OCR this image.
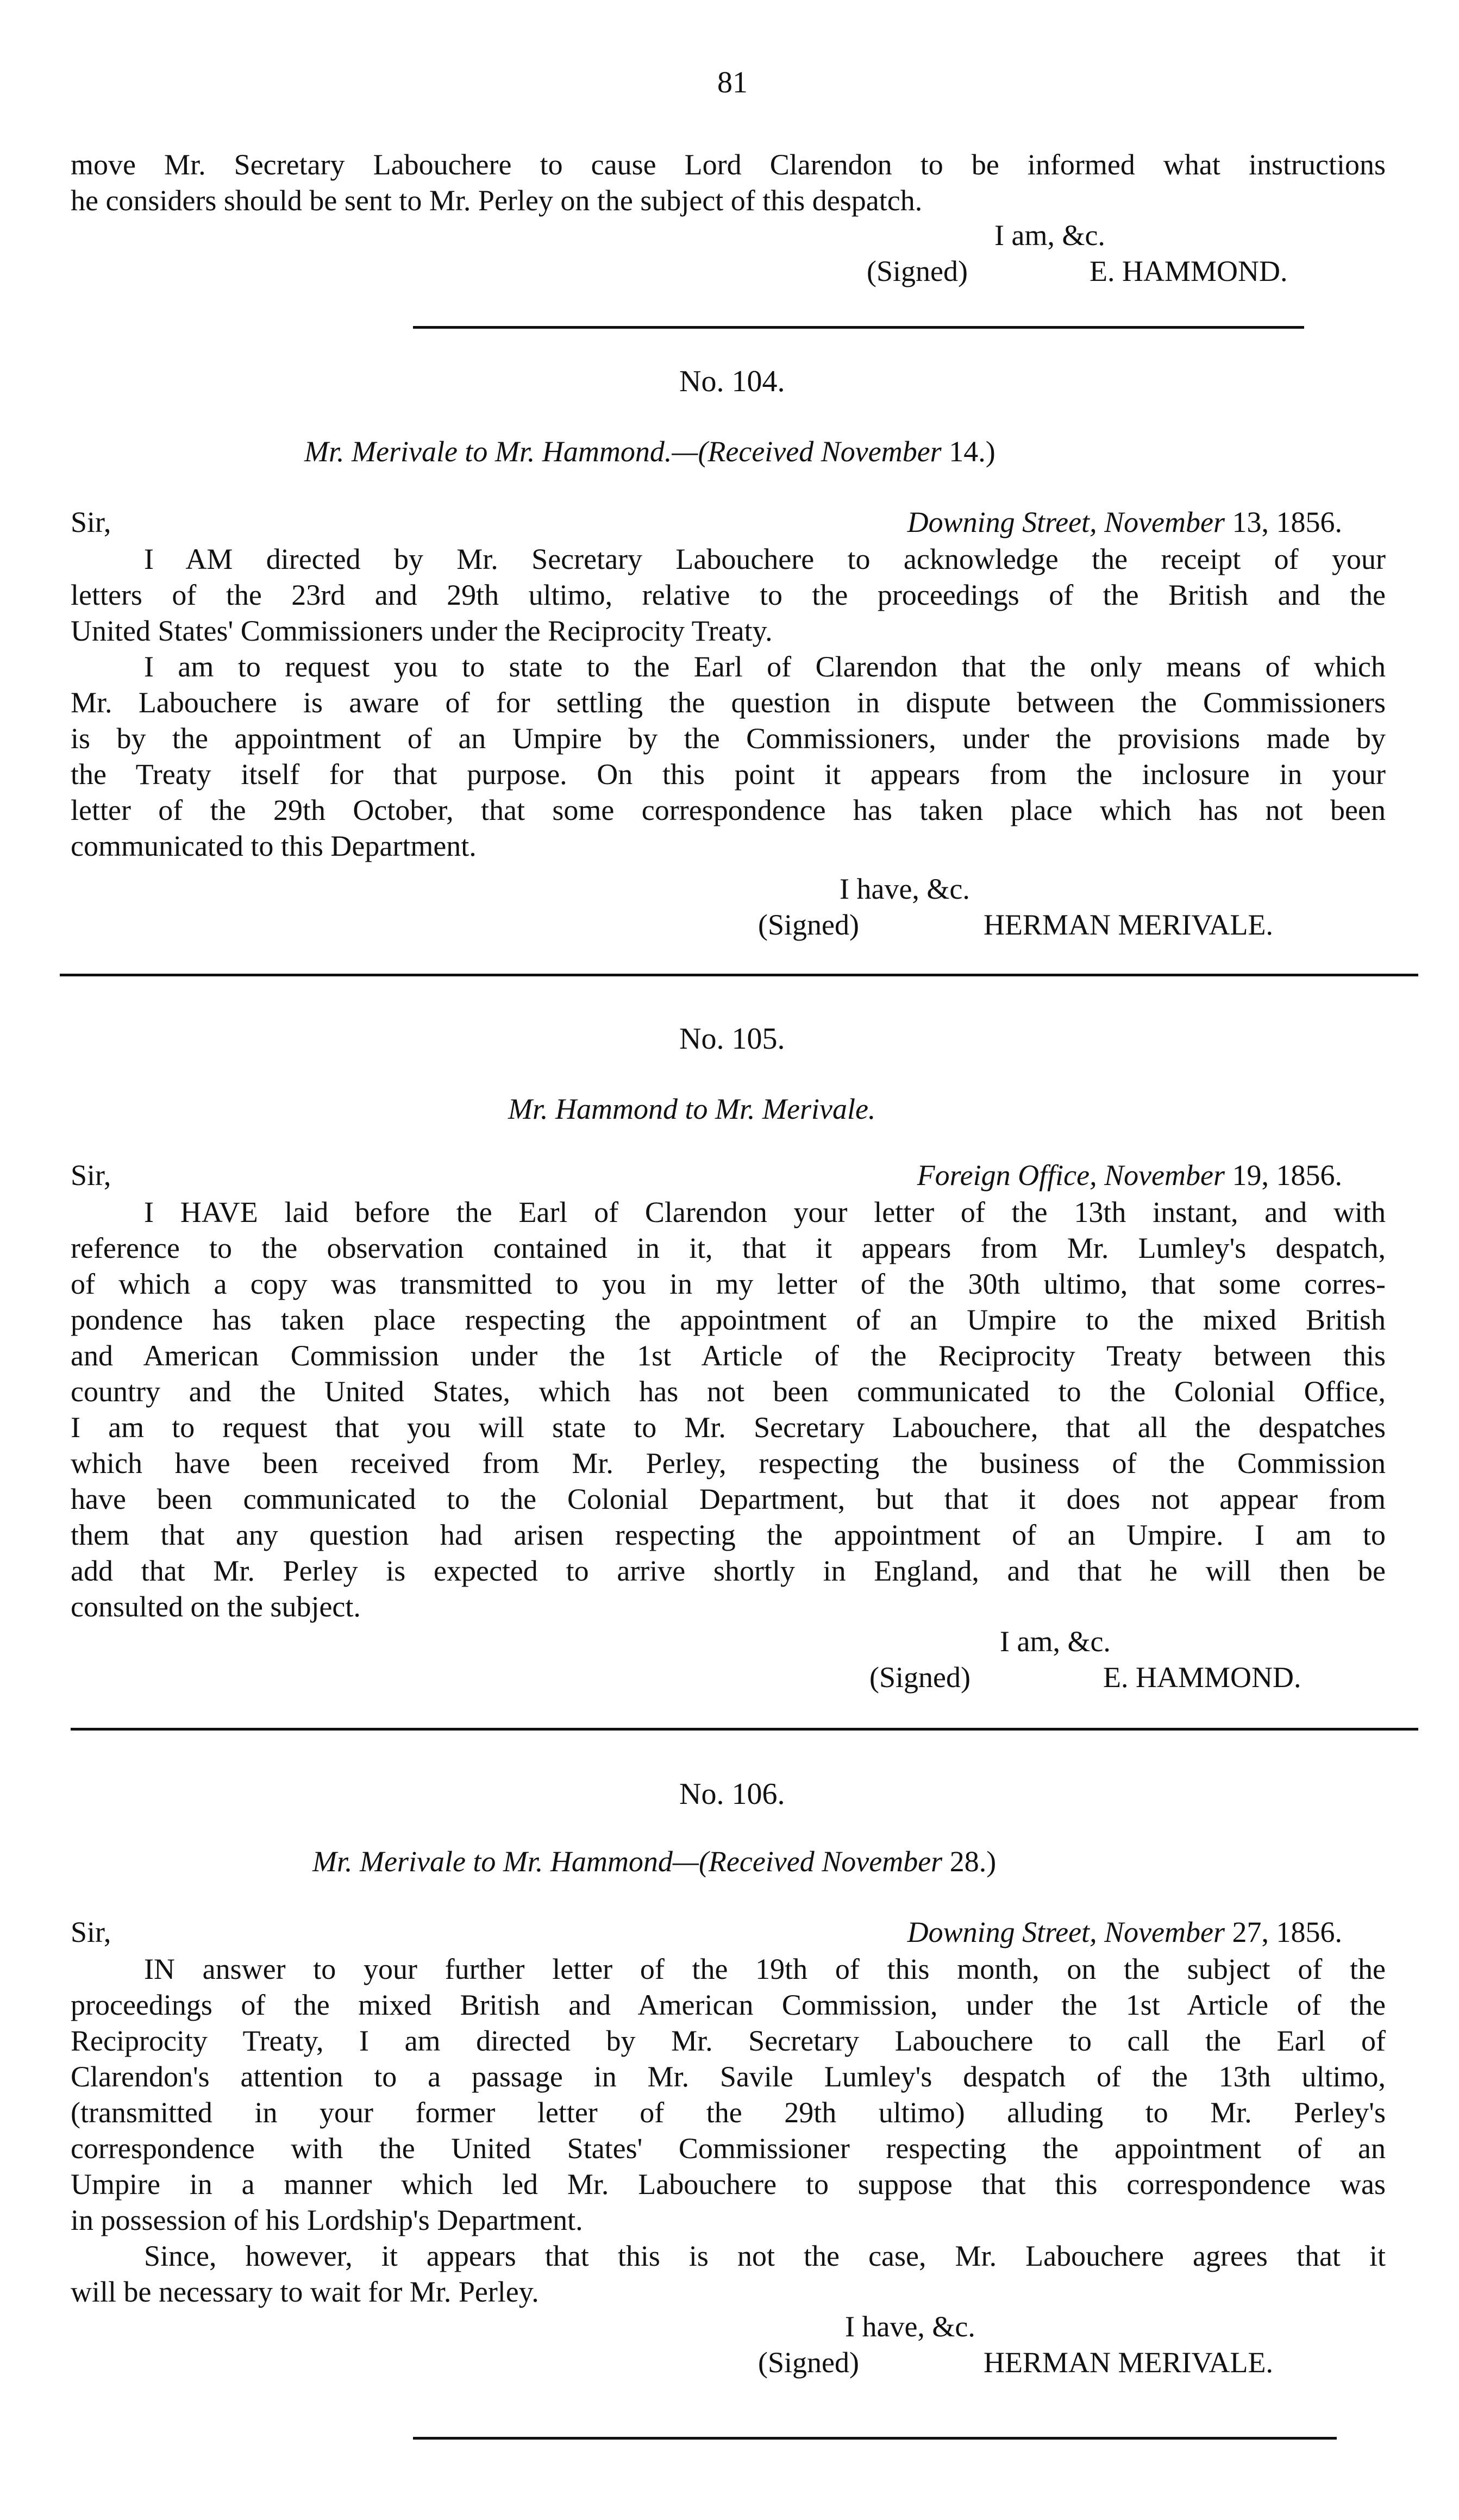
81
move Mr. Secretary Labouchere to cause Lord Clarendon to be informed what instructions
he considers should be sent to Mr. Perley on the subject of this despatch.
I am, &c.
(Signed)	E. HAMMOND.
No. 104.
Mr. Merivale to Mr. Hammond.—(Received November 14.)
Sir,	Downing Street, November 13, 1856.
I AM directed by Mr. Secretary Labouchere to acknowledge the receipt of your
letters of the 23rd and 29th ultimo, relative to the proceedings of the British and the
United States' Commissioners under the Reciprocity Treaty.
I am to request you to state to the Earl of Clarendon that the only means of which
Mr. Labouchere is aware of for settling the question in dispute between the Commissioners
is by the appointment of an Umpire by the Commissioners, under the provisions made by
the Treaty itself for that purpose. On this point it appears from the inclosure in your
letter of the 29th October, that some correspondence has taken place which has not been
communicated to this Department.
I have, &c.
(Signed)	HERMAN MERIVALE.
No. 105.
Mr. Hammond to Mr. Merivale.
Sir,	Foreign Office, November 19, 1856.
I HAVE laid before the Earl of Clarendon your letter of the 13th instant, and with
reference to the observation contained in it, that it appears from Mr. Lumley's despatch,
of which a copy was transmitted to you in my letter of the 30th ultimo, that some corres-
pondence has taken place respecting the appointment of an Umpire to the mixed British
and American Commission under the 1st Article of the Reciprocity Treaty between this
country and the United States, which has not been communicated to the Colonial Office,
I am to request that you will state to Mr. Secretary Labouchere, that all the despatches
which have been received from Mr. Perley, respecting the business of the Commission
have been communicated to the Colonial Department, but that it does not appear from
them that any question had arisen respecting the appointment of an Umpire. I am to
add that Mr. Perley is expected to arrive shortly in England, and that he will then be
consulted on the subject.
I am, &c.
(Signed)	E. HAMMOND.
No. 106.
Mr. Merivale to Mr. Hammond—(Received November 28.)
Sir,	Downing Street, November 27, 1856.
IN answer to your further letter of the 19th of this month, on the subject of the
proceedings of the mixed British and American Commission, under the 1st Article of the
Reciprocity Treaty, I am directed by Mr. Secretary Labouchere to call the Earl of
Clarendon's attention to a passage in Mr. Savile Lumley's despatch of the 13th ultimo,
(transmitted in your former letter of the 29th ultimo) alluding to Mr. Perley's
correspondence with the United States' Commissioner respecting the appointment of an
Umpire in a manner which led Mr. Labouchere to suppose that this correspondence was
in possession of his Lordship's Department.
Since, however, it appears that this is not the case, Mr. Labouchere agrees that it
will be necessary to wait for Mr. Perley.
I have, &c.
(Signed)	HERMAN MERIVALE.
